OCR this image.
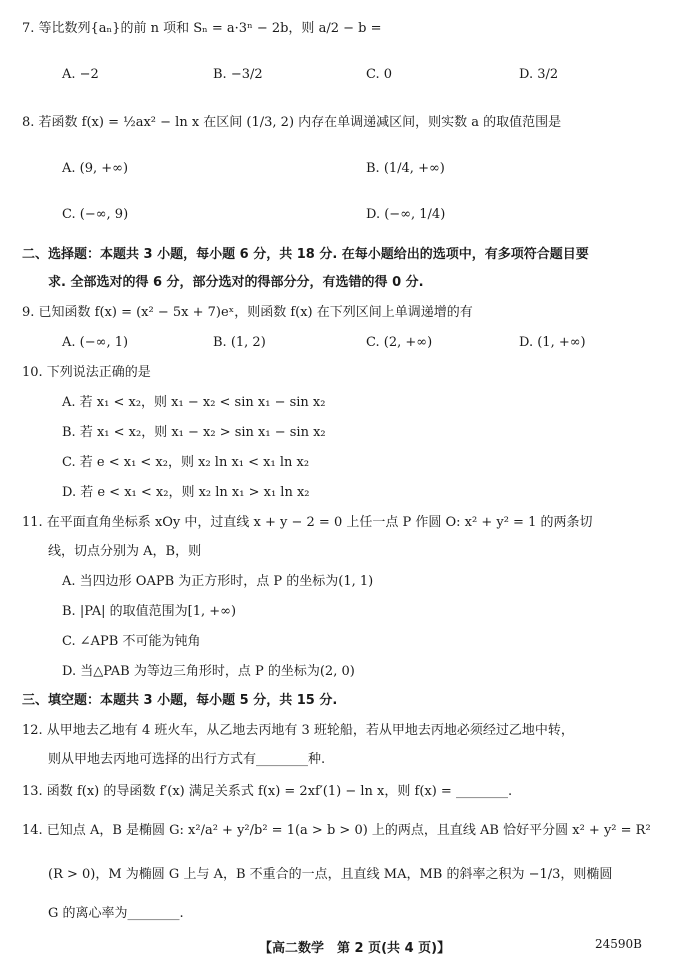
7. 等比数列{aₙ}的前 n 项和 Sₙ = a·3ⁿ − 2b，则 a/2 − b =
A. −2	B. −3/2	C. 0	D. 3/2
8. 若函数 f(x) = ½ax² − ln x 在区间 (1/3, 2) 内存在单调递减区间，则实数 a 的取值范围是
A. (9, +∞)	B. (1/4, +∞)
C. (−∞, 9)	D. (−∞, 1/4)
二、选择题：本题共 3 小题，每小题 6 分，共 18 分. 在每小题给出的选项中，有多项符合题目要
求. 全部选对的得 6 分，部分选对的得部分分，有选错的得 0 分.
9. 已知函数 f(x) = (x² − 5x + 7)eˣ，则函数 f(x) 在下列区间上单调递增的有
A. (−∞, 1)	B. (1, 2)	C. (2, +∞)	D. (1, +∞)
10. 下列说法正确的是
A. 若 x₁ < x₂，则 x₁ − x₂ < sin x₁ − sin x₂
B. 若 x₁ < x₂，则 x₁ − x₂ > sin x₁ − sin x₂
C. 若 e < x₁ < x₂，则 x₂ ln x₁ < x₁ ln x₂
D. 若 e < x₁ < x₂，则 x₂ ln x₁ > x₁ ln x₂
11. 在平面直角坐标系 xOy 中，过直线 x + y − 2 = 0 上任一点 P 作圆 O: x² + y² = 1 的两条切
线，切点分别为 A，B，则
A. 当四边形 OAPB 为正方形时，点 P 的坐标为(1, 1)
B. |PA| 的取值范围为[1, +∞)
C. ∠APB 不可能为钝角
D. 当△PAB 为等边三角形时，点 P 的坐标为(2, 0)
三、填空题：本题共 3 小题，每小题 5 分，共 15 分.
12. 从甲地去乙地有 4 班火车，从乙地去丙地有 3 班轮船，若从甲地去丙地必须经过乙地中转，
则从甲地去丙地可选择的出行方式有________种.
13. 函数 f(x) 的导函数 f′(x) 满足关系式 f(x) = 2xf′(1) − ln x，则 f(x) = ________.
14. 已知点 A，B 是椭圆 G: x²/a² + y²/b² = 1(a > b > 0) 上的两点，且直线 AB 恰好平分圆 x² + y² = R²
(R > 0)，M 为椭圆 G 上与 A，B 不重合的一点，且直线 MA，MB 的斜率之积为 −1/3，则椭圆
G 的离心率为________.
【高二数学　第 2 页(共 4 页)】	24590B
